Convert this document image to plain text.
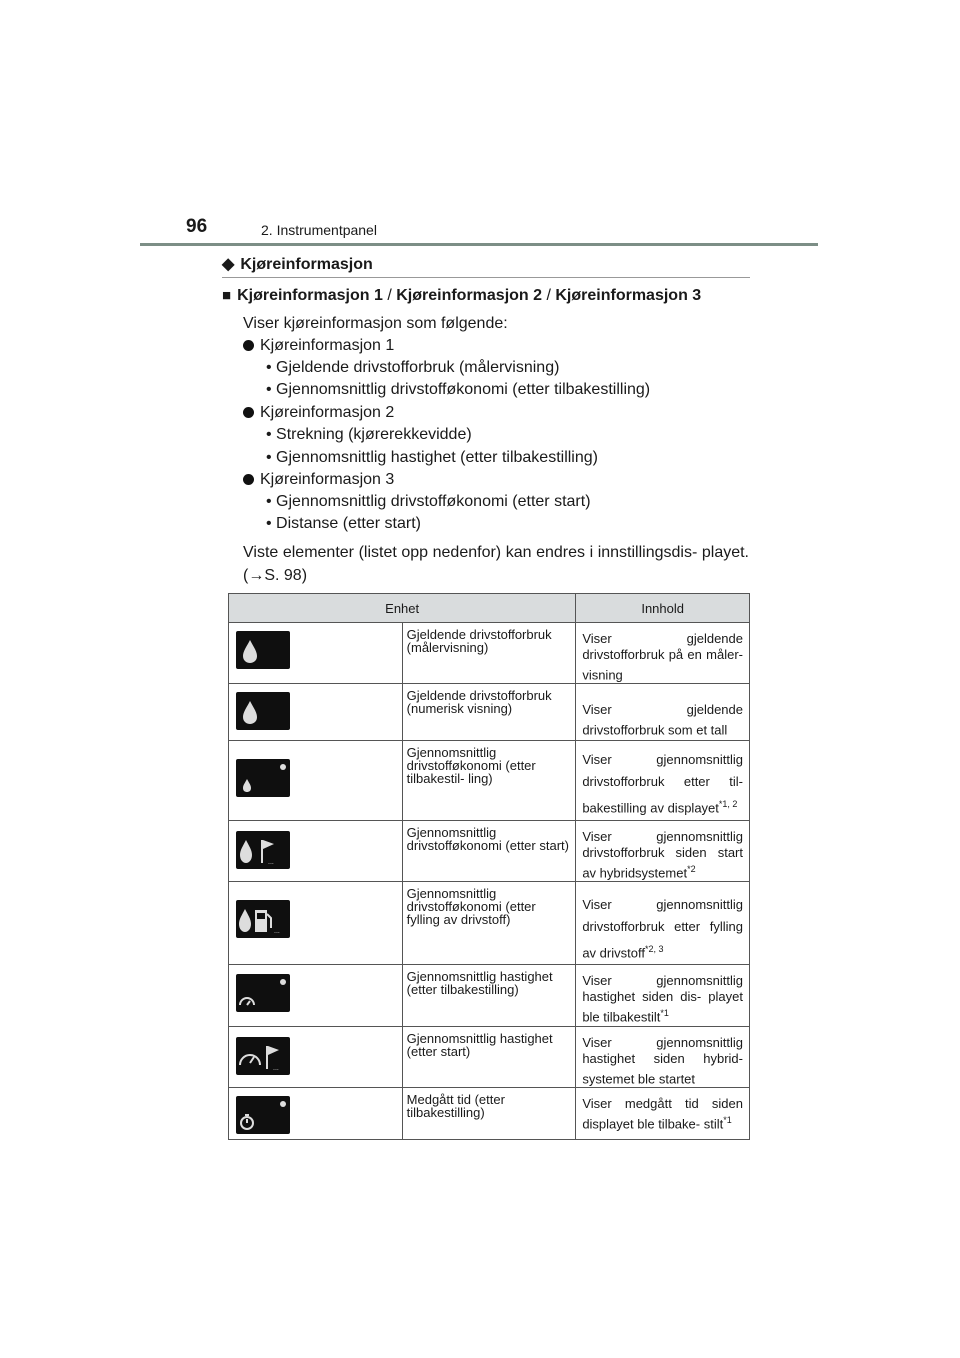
96	2. Instrumentpanel
◆ Kjøreinformasjon
■ Kjøreinformasjon 1 / Kjøreinformasjon 2 / Kjøreinformasjon 3
Viser kjøreinformasjon som følgende:
Kjøreinformasjon 1
• Gjeldende drivstofforbruk (målervisning)
• Gjennomsnittlig drivstofføkonomi (etter tilbakestilling)
Kjøreinformasjon 2
• Strekning (kjørerekkevidde)
• Gjennomsnittlig hastighet (etter tilbakestilling)
Kjøreinformasjon 3
• Gjennomsnittlig drivstofføkonomi (etter start)
• Distanse (etter start)
Viste elementer (listet opp nedenfor) kan endres i innstillingsdis- playet. (→S. 98)
Enhet		Innhold

	Gjeldende drivstofforbruk (målervisning)	Viser gjeldende drivstofforbruk på en måler- visning

	Gjeldende drivstofforbruk (numerisk visning)	Viser gjeldende drivstofforbruk som et tall

	Gjennomsnittlig drivstofføkonomi (etter tilbakestil- ling)	Viser gjennomsnittlig drivstofforbruk etter til- bakestilling av displayet$^{*1, 2}$

...	Gjennomsnittlig drivstofføkonomi (etter start)	Viser gjennomsnittlig drivstofforbruk siden start av hybridsystemet$^{*2}$

...	Gjennomsnittlig drivstofføkonomi (etter fylling av drivstoff)	Viser gjennomsnittlig drivstofforbruk etter fylling av drivstoff$^{*2, 3}$

	Gjennomsnittlig hastighet (etter tilbakestilling)	Viser gjennomsnittlig hastighet siden dis- playet ble tilbakestilt$^{*1}$

...	Gjennomsnittlig hastighet (etter start)	Viser gjennomsnittlig hastighet siden hybrid- systemet ble startet

	Medgått tid (etter tilbakestilling)	Viser medgått tid siden displayet ble tilbake- stilt$^{*1}$
